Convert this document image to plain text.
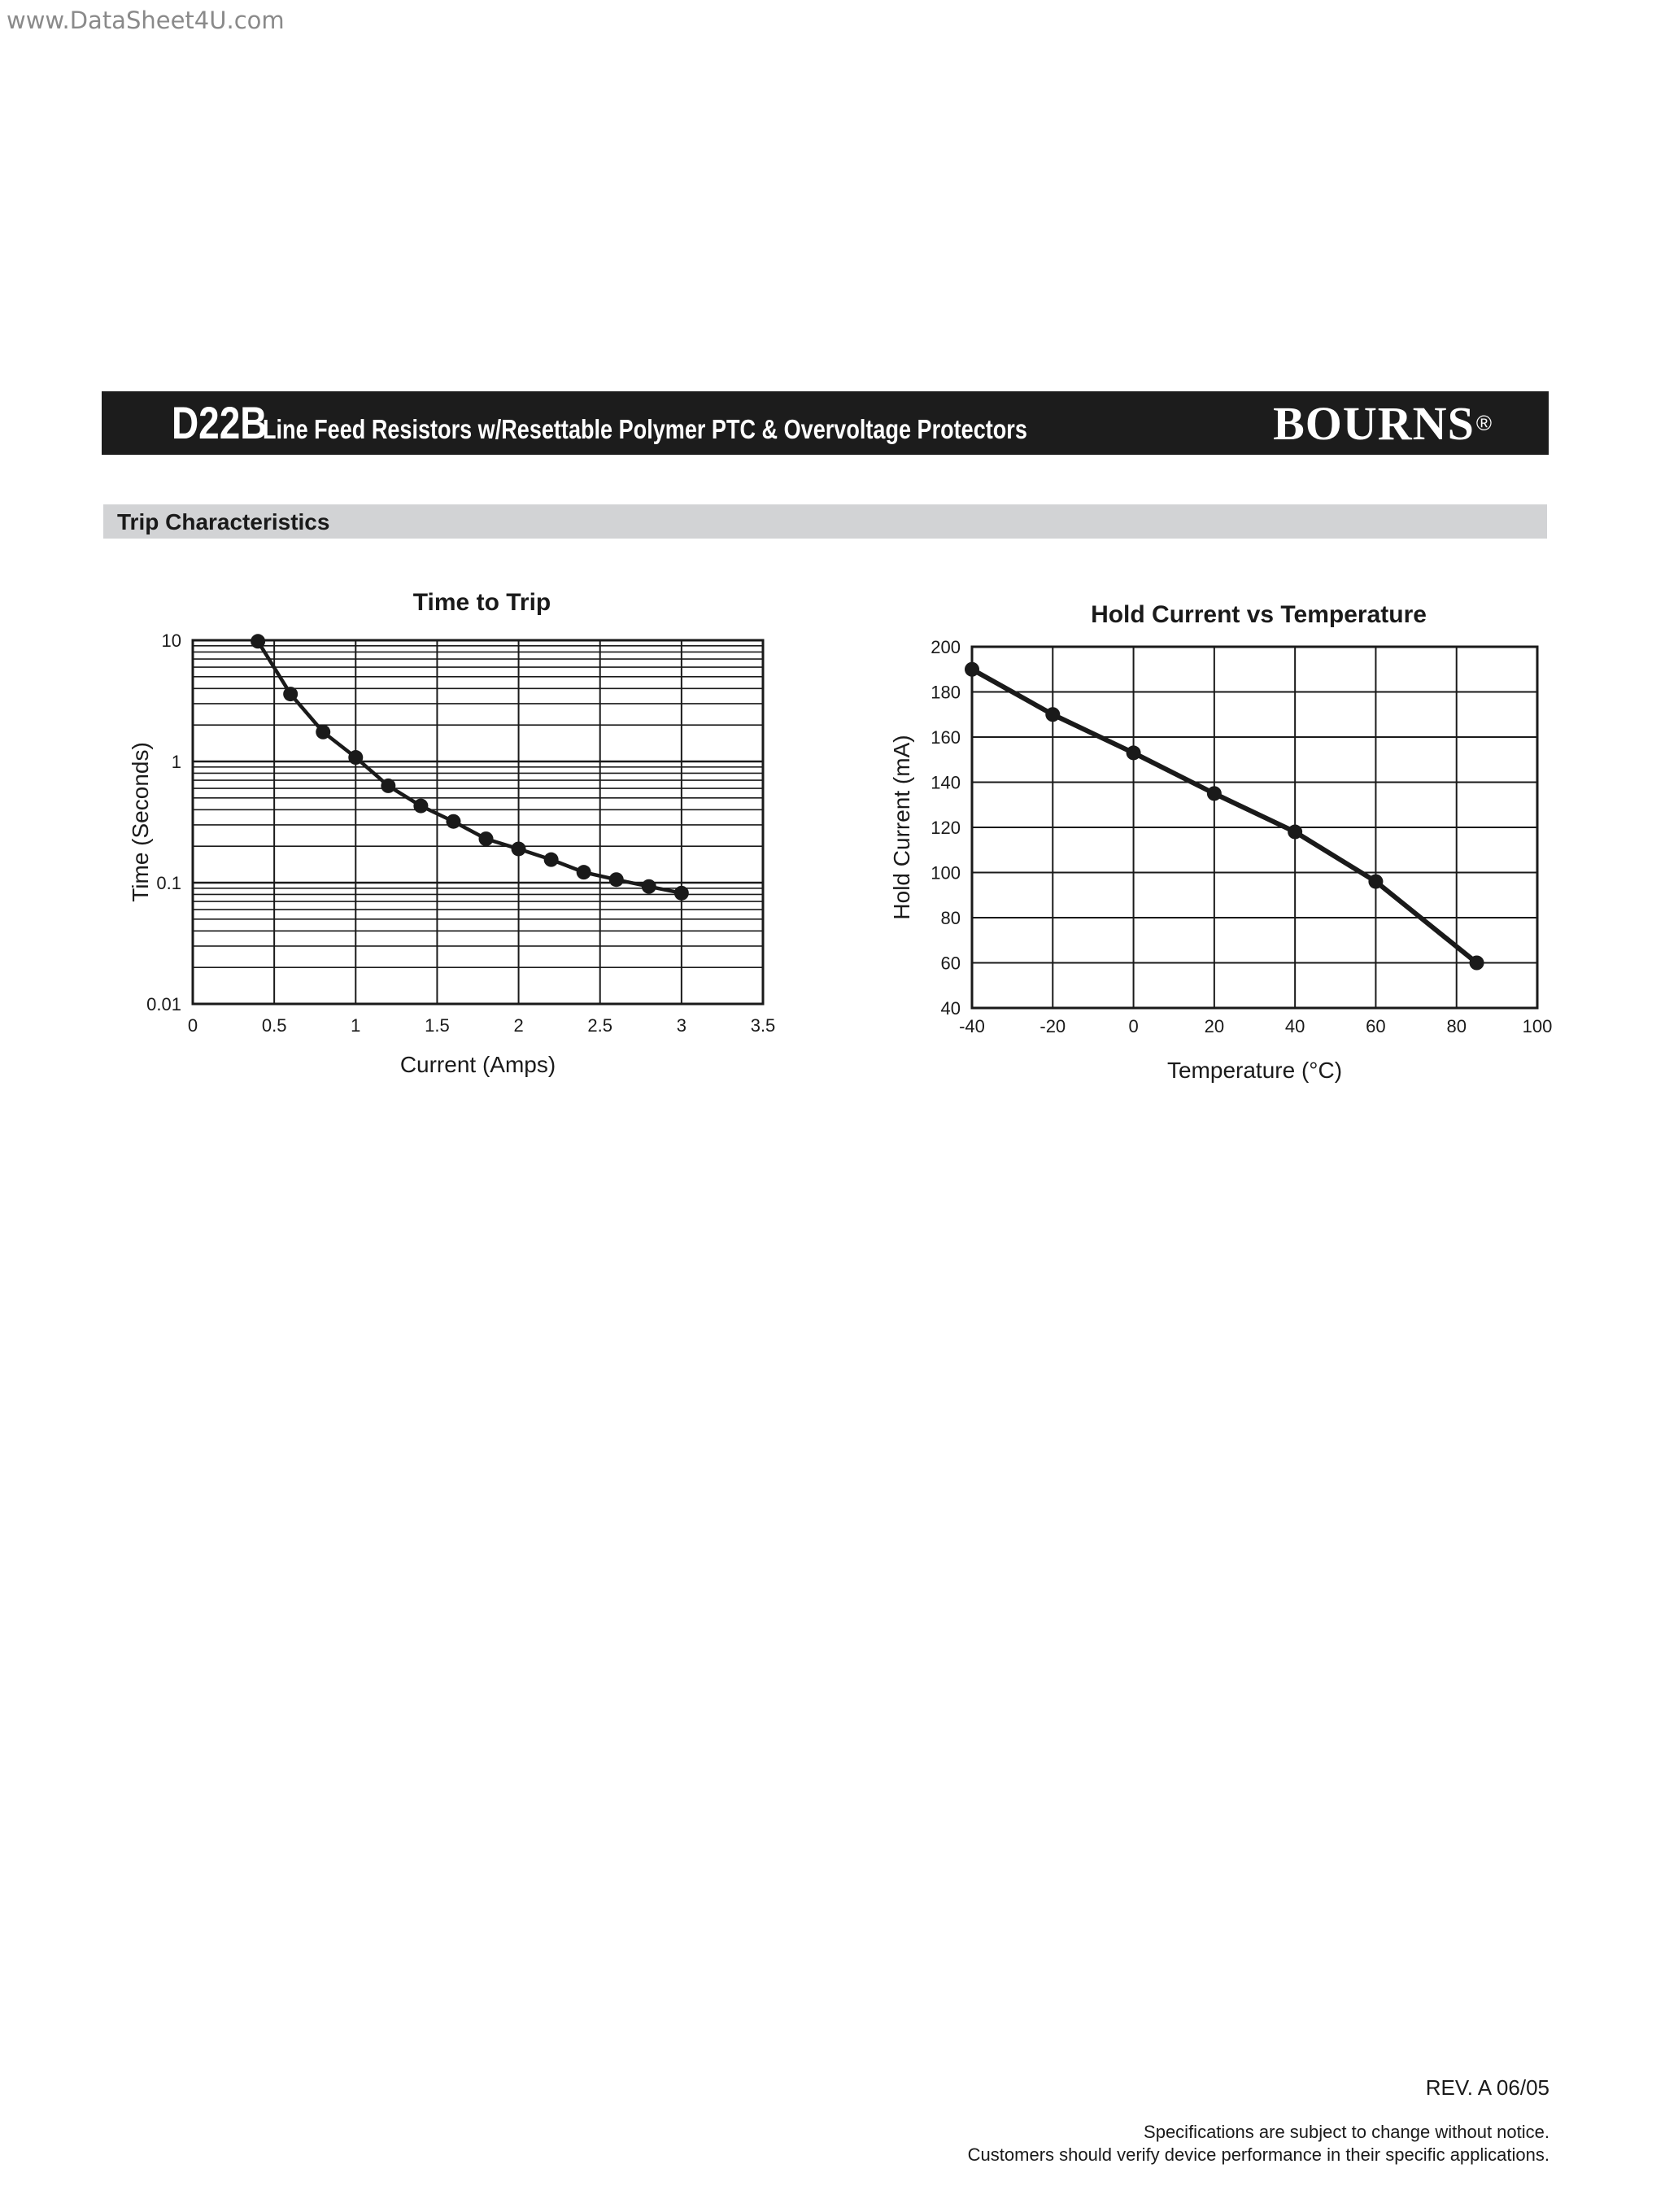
www.DataSheet4U.com
D22B
Line Feed Resistors w/Resettable Polymer PTC & Overvoltage Protectors	BOURNS ®
Trip Characteristics
0	0.5	1	1.5	2	2.5	3	3.5
0.01
0.1
1
10
Time to Trip
Current (Amps)
Time (Seconds)
-40	-20	0	20	40	60	80	100
40
60
80
100
120
140
160
180
200
Hold Current vs Temperature
Temperature (°C)
Hold Current (mA)
REV. A 06/05
Specifications are subject to change without notice.
Customers should verify device performance in their specific applications.
